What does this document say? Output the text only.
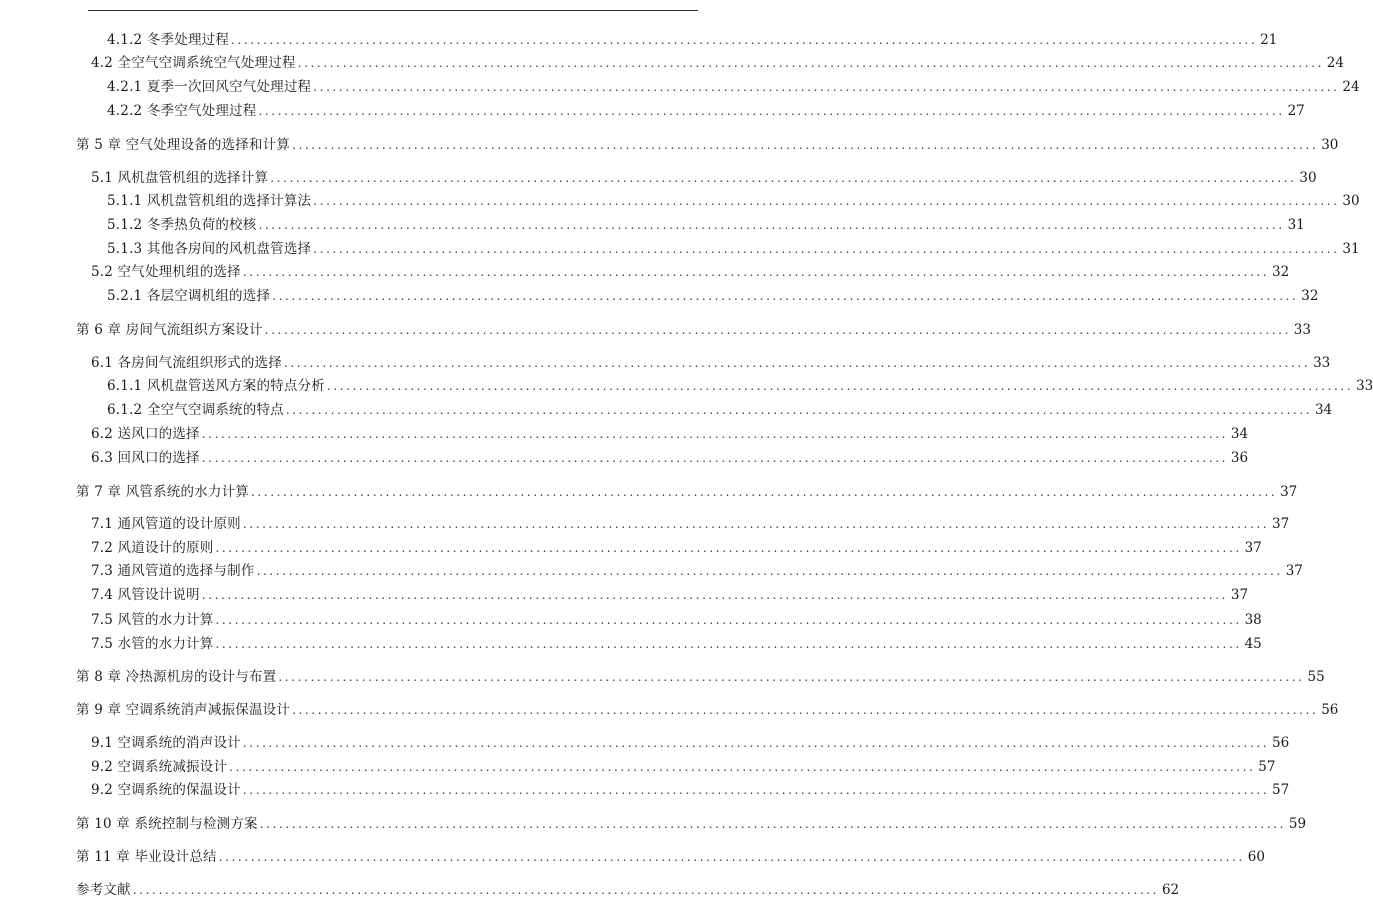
4.1.2 冬季处理过程 ................................................................................................................................................................ 21
4.2 全空气空调系统空气处理过程 ................................................................................................................................................................ 24
4.2.1 夏季一次回风空气处理过程 ................................................................................................................................................................ 24
4.2.2 冬季空气处理过程 ................................................................................................................................................................ 27
第 5 章 空气处理设备的选择和计算 ................................................................................................................................................................ 30
5.1 风机盘管机组的选择计算 ................................................................................................................................................................ 30
5.1.1 风机盘管机组的选择计算法 ................................................................................................................................................................ 30
5.1.2 冬季热负荷的校核 ................................................................................................................................................................ 31
5.1.3 其他各房间的风机盘管选择 ................................................................................................................................................................ 31
5.2 空气处理机组的选择 ................................................................................................................................................................ 32
5.2.1 各层空调机组的选择 ................................................................................................................................................................ 32
第 6 章 房间气流组织方案设计 ................................................................................................................................................................ 33
6.1 各房间气流组织形式的选择 ................................................................................................................................................................ 33
6.1.1 风机盘管送风方案的特点分析 ................................................................................................................................................................ 33
6.1.2 全空气空调系统的特点 ................................................................................................................................................................ 34
6.2 送风口的选择 ................................................................................................................................................................ 34
6.3 回风口的选择 ................................................................................................................................................................ 36
第 7 章 风管系统的水力计算 ................................................................................................................................................................ 37
7.1 通风管道的设计原则 ................................................................................................................................................................ 37
7.2 风道设计的原则 ................................................................................................................................................................ 37
7.3 通风管道的选择与制作 ................................................................................................................................................................ 37
7.4 风管设计说明 ................................................................................................................................................................ 37
7.5 风管的水力计算 ................................................................................................................................................................ 38
7.5 水管的水力计算 ................................................................................................................................................................ 45
第 8 章 冷热源机房的设计与布置 ................................................................................................................................................................ 55
第 9 章 空调系统消声减振保温设计 ................................................................................................................................................................ 56
9.1 空调系统的消声设计 ................................................................................................................................................................ 56
9.2 空调系统减振设计 ................................................................................................................................................................ 57
9.2 空调系统的保温设计 ................................................................................................................................................................ 57
第 10 章 系统控制与检测方案 ................................................................................................................................................................ 59
第 11 章 毕业设计总结 ................................................................................................................................................................ 60
参考文献 ................................................................................................................................................................ 62
